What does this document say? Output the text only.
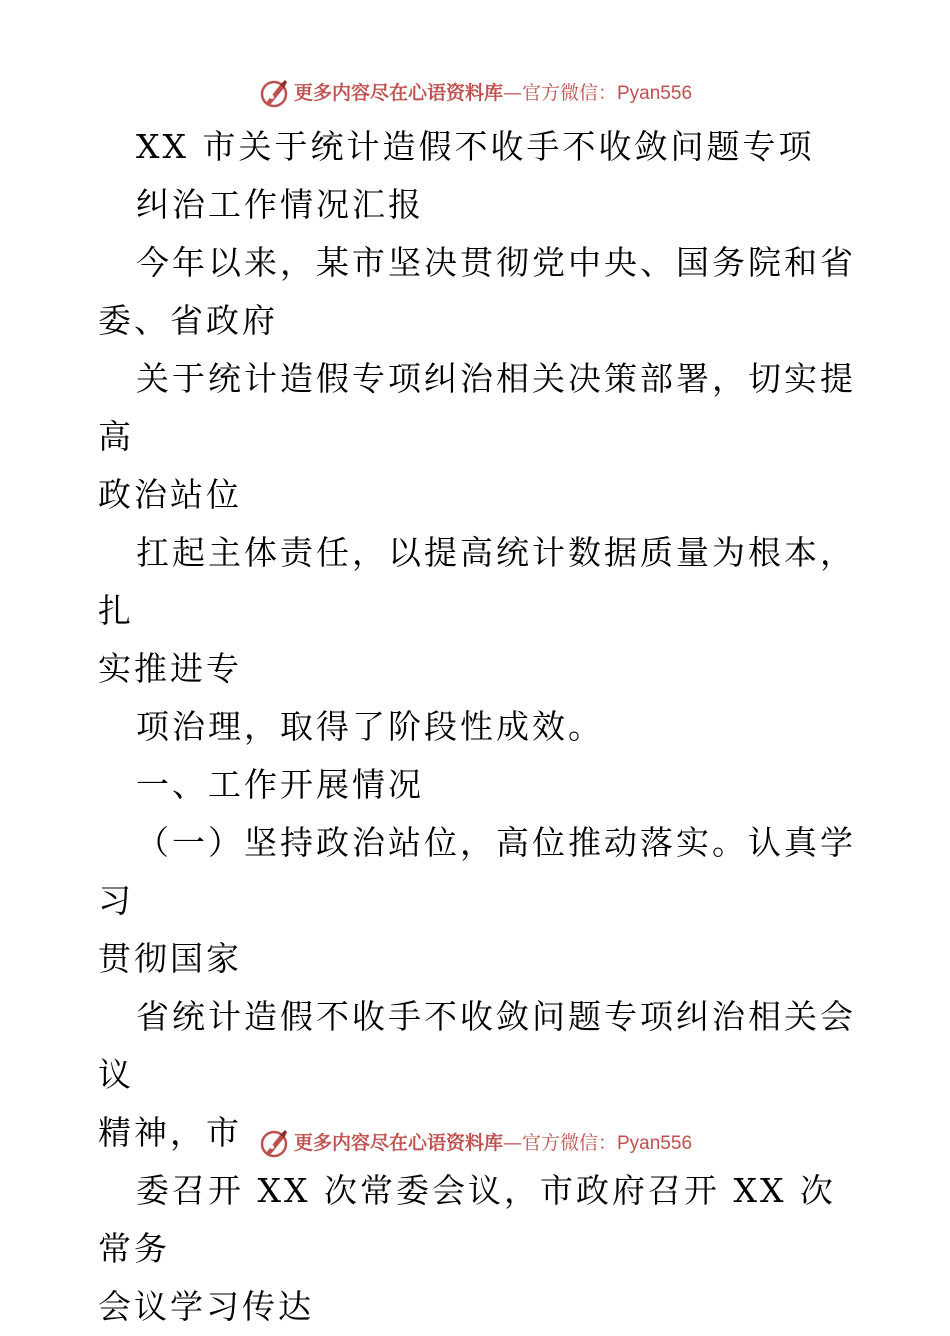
更多内容尽在心语资料库—官方微信：Pyan556

XX 市关于统计造假不收手不收敛问题专项

纠治工作情况汇报

今年以来，某市坚决贯彻党中央、国务院和省

委、省政府

关于统计造假专项纠治相关决策部署，切实提高

政治站位

扛起主体责任，以提高统计数据质量为根本，扎

实推进专

项治理，取得了阶段性成效。

一、工作开展情况

（一）坚持政治站位，高位推动落实。认真学习

贯彻国家

省统计造假不收手不收敛问题专项纠治相关会议

精神，市

委召开 XX 次常委会议，市政府召开 XX 次常务

会议学习传达

更多内容尽在心语资料库—官方微信：Pyan556
